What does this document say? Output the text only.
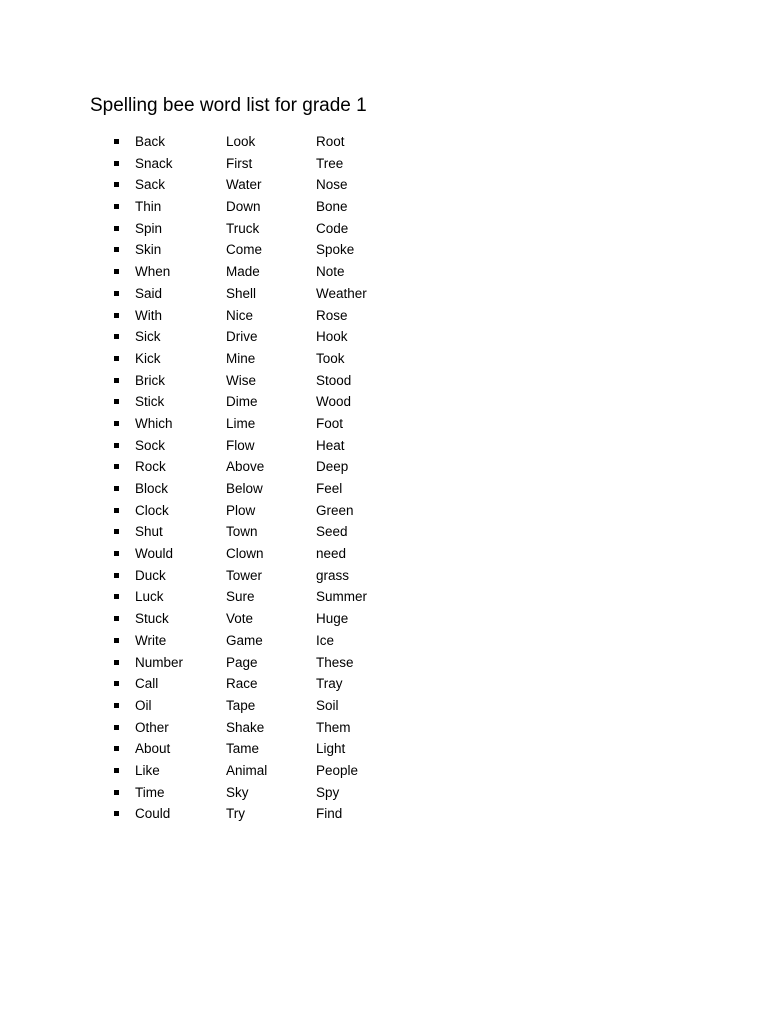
Spelling bee word list for grade 1
Back	Look	Root
Snack	First	Tree
Sack	Water	Nose
Thin	Down	Bone
Spin	Truck	Code
Skin	Come	Spoke
When	Made	Note
Said	Shell	Weather
With	Nice	Rose
Sick	Drive	Hook
Kick	Mine	Took
Brick	Wise	Stood
Stick	Dime	Wood
Which	Lime	Foot
Sock	Flow	Heat
Rock	Above	Deep
Block	Below	Feel
Clock	Plow	Green
Shut	Town	Seed
Would	Clown	need
Duck	Tower	grass
Luck	Sure	Summer
Stuck	Vote	Huge
Write	Game	Ice
Number	Page	These
Call	Race	Tray
Oil	Tape	Soil
Other	Shake	Them
About	Tame	Light
Like	Animal	People
Time	Sky	Spy
Could	Try	Find
